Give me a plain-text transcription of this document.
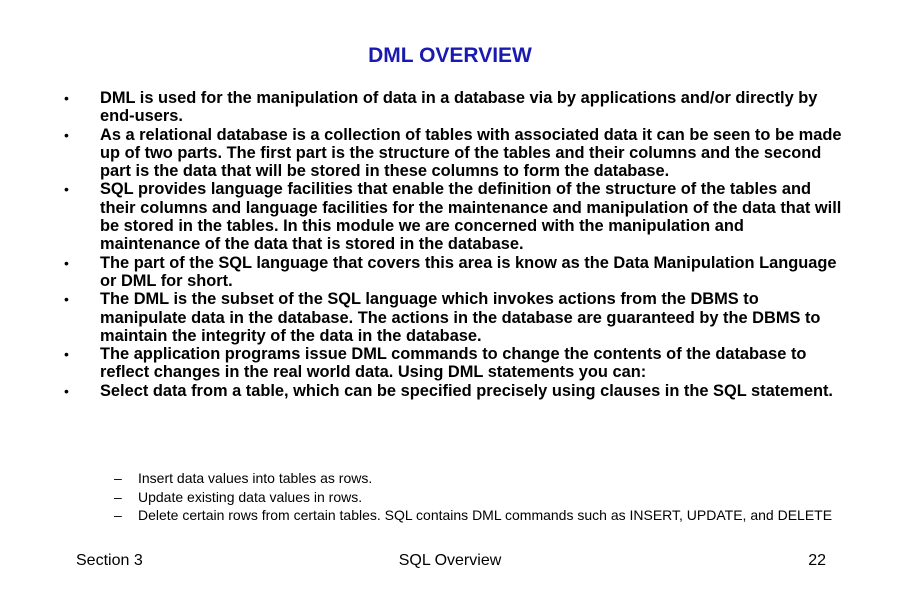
DML OVERVIEW
• DML is used for the manipulation of data in a database via by applications and/or directly by end-users.
• As a relational database is a collection of tables with associated data it can be seen to be made up of two parts. The first part is the structure of the tables and their columns and the second part is the data that will be stored in these columns to form the database.
• SQL provides language facilities that enable the definition of the structure of the tables and their columns and language facilities for the maintenance and manipulation of the data that will be stored in the tables. In this module we are concerned with the manipulation and maintenance of the data that is stored in the database.
• The part of the SQL language that covers this area is know as the Data Manipulation Language or DML for short.
• The DML is the subset of the SQL language which invokes actions from the DBMS to manipulate data in the database. The actions in the database are guaranteed by the DBMS to maintain the integrity of the data in the database.
• The application programs issue DML commands to change the contents of the database to reflect changes in the real world data. Using DML statements you can:
• Select data from a table, which can be specified precisely using clauses in the SQL statement.
– Insert data values into tables as rows.
– Update existing data values in rows.
– Delete certain rows from certain tables. SQL contains DML commands such as INSERT, UPDATE, and DELETE
Section 3	SQL Overview	22
